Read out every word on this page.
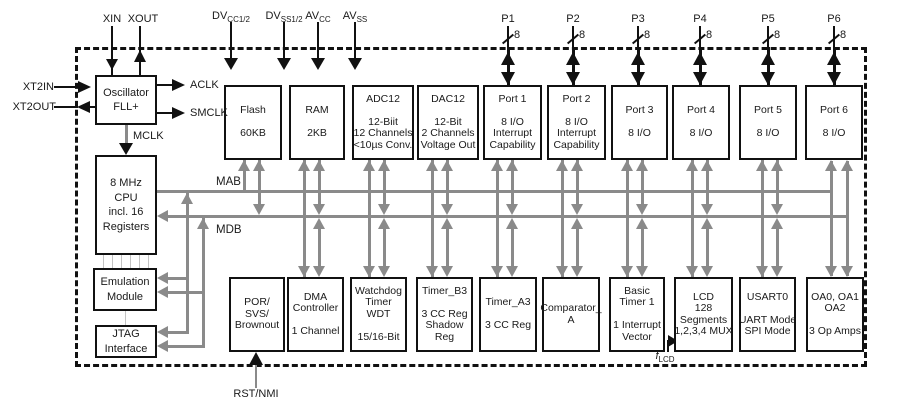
Flash
60KB
RAM
2KB
ADC12
12-Biit
12 Channels
<10µs Conv.
DAC12
12-Bit
2 Channels
Voltage Out
Port 1
8 I/O
Interrupt
Capability
Port 2
8 I/O
Interrupt
Capability
Port 3
8 I/O
Port 4
8 I/O
Port 5
8 I/O
Port 6
8 I/O
POR/
SVS/
Brownout
DMA
Controller
1 Channel
Watchdog
Timer
WDT
15/16-Bit
Timer_B3
3 CC Reg
Shadow
Reg
Timer_A3
3 CC Reg
Comparator_
A
Basic
Timer 1
1 Interrupt
Vector
LCD
128
Segments
1,2,3,4 MUX
USART0
UART Mode
SPI Mode
OA0, OA1
OA2
3 Op Amps
Oscillator
FLL+
8 MHz
CPU
incl. 16
Registers
Emulation
Module
JTAG
Interface
MAB
MDB
XIN XOUT
XT2IN
XT2OUT
ACLK
SMCLK
MCLK
$DV_{CC1/2}$	$DV_{SS1/2}$ $AV_{CC}$	$AV_{SS}$	P1
8
P2
8
P3
8
P4
8
P5
8
P6
8
RST/NMI
$f_{LCD}$
